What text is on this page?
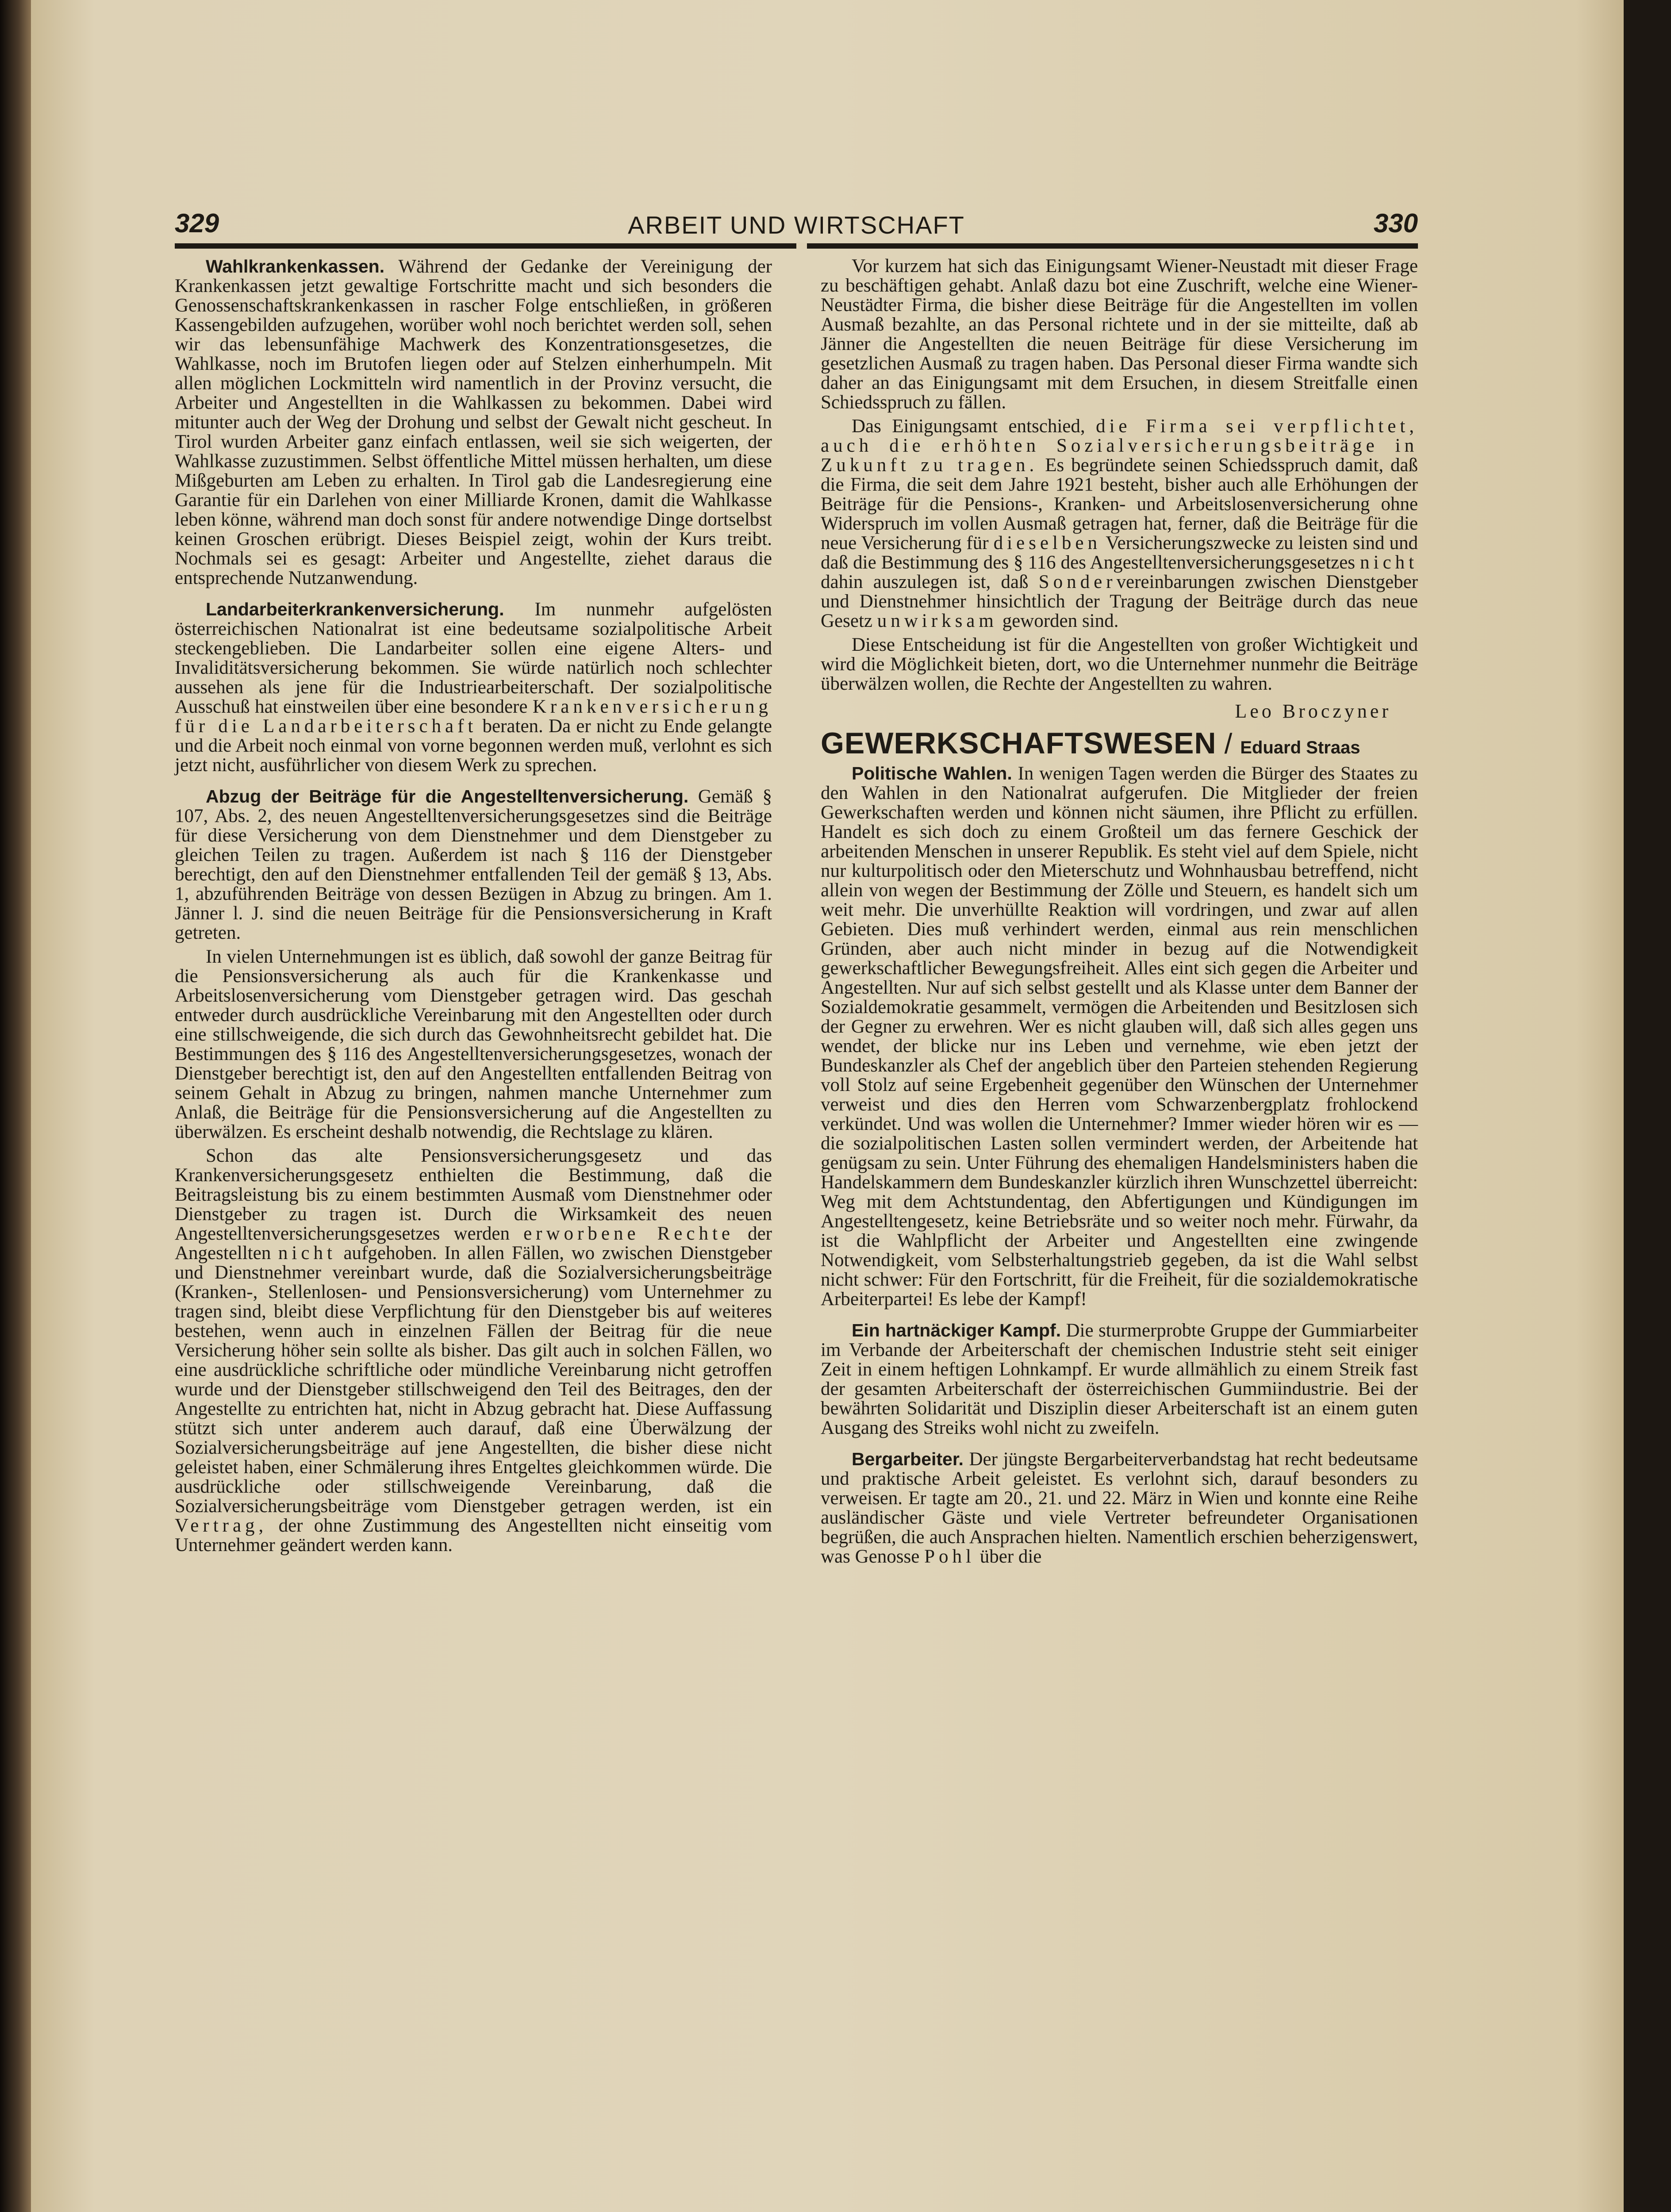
329	ARBEIT UND WIRTSCHAFT	330

Wahlkrankenkassen. Während der Gedanke der Vereinigung der Krankenkassen jetzt gewaltige Fortschritte macht und sich besonders die Genossenschaftskrankenkassen in rascher Folge entschließen, in größeren Kassengebilden aufzugehen, worüber wohl noch berichtet werden soll, sehen wir das lebensunfähige Machwerk des Konzentrationsgesetzes, die Wahlkasse, noch im Brutofen liegen oder auf Stelzen einherhumpeln. Mit allen möglichen Lockmitteln wird namentlich in der Provinz versucht, die Arbeiter und Angestellten in die Wahlkassen zu bekommen. Dabei wird mitunter auch der Weg der Drohung und selbst der Gewalt nicht gescheut. In Tirol wurden Arbeiter ganz einfach entlassen, weil sie sich weigerten, der Wahlkasse zuzustimmen. Selbst öffentliche Mittel müssen herhalten, um diese Mißgeburten am Leben zu erhalten. In Tirol gab die Landesregierung eine Garantie für ein Darlehen von einer Milliarde Kronen, damit die Wahlkasse leben könne, während man doch sonst für andere notwendige Dinge dortselbst keinen Groschen erübrigt. Dieses Beispiel zeigt, wohin der Kurs treibt. Nochmals sei es gesagt: Arbeiter und Angestellte, ziehet daraus die entsprechende Nutzanwendung.

Landarbeiterkrankenversicherung. Im nunmehr aufgelösten österreichischen Nationalrat ist eine bedeutsame sozialpolitische Arbeit steckengeblieben. Die Landarbeiter sollen eine eigene Alters- und Invaliditätsversicherung bekommen. Sie würde natürlich noch schlechter aussehen als jene für die Industriearbeiterschaft. Der sozialpolitische Ausschuß hat einstweilen über eine besondere Krankenversicherung für die Landarbeiterschaft beraten. Da er nicht zu Ende gelangte und die Arbeit noch einmal von vorne begonnen werden muß, verlohnt es sich jetzt nicht, ausführlicher von diesem Werk zu sprechen.

Abzug der Beiträge für die Angestelltenversicherung. Gemäß § 107, Abs. 2, des neuen Angestelltenversicherungsgesetzes sind die Beiträge für diese Versicherung von dem Dienstnehmer und dem Dienstgeber zu gleichen Teilen zu tragen. Außerdem ist nach § 116 der Dienstgeber berechtigt, den auf den Dienstnehmer entfallenden Teil der gemäß § 13, Abs. 1, abzuführenden Beiträge von dessen Bezügen in Abzug zu bringen. Am 1. Jänner l. J. sind die neuen Beiträge für die Pensionsversicherung in Kraft getreten.

In vielen Unternehmungen ist es üblich, daß sowohl der ganze Beitrag für die Pensionsversicherung als auch für die Krankenkasse und Arbeitslosenversicherung vom Dienstgeber getragen wird. Das geschah entweder durch ausdrückliche Vereinbarung mit den Angestellten oder durch eine stillschweigende, die sich durch das Gewohnheitsrecht gebildet hat. Die Bestimmungen des § 116 des Angestelltenversicherungsgesetzes, wonach der Dienstgeber berechtigt ist, den auf den Angestellten entfallenden Beitrag von seinem Gehalt in Abzug zu bringen, nahmen manche Unternehmer zum Anlaß, die Beiträge für die Pensionsversicherung auf die Angestellten zu überwälzen. Es erscheint deshalb notwendig, die Rechtslage zu klären.

Schon das alte Pensionsversicherungsgesetz und das Krankenversicherungsgesetz enthielten die Bestimmung, daß die Beitragsleistung bis zu einem bestimmten Ausmaß vom Dienstnehmer oder Dienstgeber zu tragen ist. Durch die Wirksamkeit des neuen Angestelltenversicherungsgesetzes werden erworbene Rechte der Angestellten nicht aufgehoben. In allen Fällen, wo zwischen Dienstgeber und Dienstnehmer vereinbart wurde, daß die Sozialversicherungsbeiträge (Kranken-, Stellenlosen- und Pensionsversicherung) vom Unternehmer zu tragen sind, bleibt diese Verpflichtung für den Dienstgeber bis auf weiteres bestehen, wenn auch in einzelnen Fällen der Beitrag für die neue Versicherung höher sein sollte als bisher. Das gilt auch in solchen Fällen, wo eine ausdrückliche schriftliche oder mündliche Vereinbarung nicht getroffen wurde und der Dienstgeber stillschweigend den Teil des Beitrages, den der Angestellte zu entrichten hat, nicht in Abzug gebracht hat. Diese Auffassung stützt sich unter anderem auch darauf, daß eine Überwälzung der Sozialversicherungsbeiträge auf jene Angestellten, die bisher diese nicht geleistet haben, einer Schmälerung ihres Entgeltes gleichkommen würde. Die ausdrückliche oder stillschweigende Vereinbarung, daß die Sozialversicherungsbeiträge vom Dienstgeber getragen werden, ist ein Vertrag, der ohne Zustimmung des Angestellten nicht einseitig vom Unternehmer geändert werden kann.

Vor kurzem hat sich das Einigungsamt Wiener-Neustadt mit dieser Frage zu beschäftigen gehabt. Anlaß dazu bot eine Zuschrift, welche eine Wiener-Neustädter Firma, die bisher diese Beiträge für die Angestellten im vollen Ausmaß bezahlte, an das Personal richtete und in der sie mitteilte, daß ab Jänner die Angestellten die neuen Beiträge für diese Versicherung im gesetzlichen Ausmaß zu tragen haben. Das Personal dieser Firma wandte sich daher an das Einigungsamt mit dem Ersuchen, in diesem Streitfalle einen Schiedsspruch zu fällen.

Das Einigungsamt entschied, die Firma sei verpflichtet, auch die erhöhten Sozialversicherungsbeiträge in Zukunft zu tragen. Es begründete seinen Schiedsspruch damit, daß die Firma, die seit dem Jahre 1921 besteht, bisher auch alle Erhöhungen der Beiträge für die Pensions-, Kranken- und Arbeitslosenversicherung ohne Widerspruch im vollen Ausmaß getragen hat, ferner, daß die Beiträge für die neue Versicherung für dieselben Versicherungszwecke zu leisten sind und daß die Bestimmung des § 116 des Angestelltenversicherungsgesetzes nicht dahin auszulegen ist, daß Sondervereinbarungen zwischen Dienstgeber und Dienstnehmer hinsichtlich der Tragung der Beiträge durch das neue Gesetz unwirksam geworden sind.

Diese Entscheidung ist für die Angestellten von großer Wichtigkeit und wird die Möglichkeit bieten, dort, wo die Unternehmer nunmehr die Beiträge überwälzen wollen, die Rechte der Angestellten zu wahren.

Leo Broczyner
GEWERKSCHAFTSWESEN / Eduard Straas

Politische Wahlen. In wenigen Tagen werden die Bürger des Staates zu den Wahlen in den Nationalrat aufgerufen. Die Mitglieder der freien Gewerkschaften werden und können nicht säumen, ihre Pflicht zu erfüllen. Handelt es sich doch zu einem Großteil um das fernere Geschick der arbeitenden Menschen in unserer Republik. Es steht viel auf dem Spiele, nicht nur kulturpolitisch oder den Mieterschutz und Wohnhausbau betreffend, nicht allein von wegen der Bestimmung der Zölle und Steuern, es handelt sich um weit mehr. Die unverhüllte Reaktion will vordringen, und zwar auf allen Gebieten. Dies muß verhindert werden, einmal aus rein menschlichen Gründen, aber auch nicht minder in bezug auf die Notwendigkeit gewerkschaftlicher Bewegungsfreiheit. Alles eint sich gegen die Arbeiter und Angestellten. Nur auf sich selbst gestellt und als Klasse unter dem Banner der Sozialdemokratie gesammelt, vermögen die Arbeitenden und Besitzlosen sich der Gegner zu erwehren. Wer es nicht glauben will, daß sich alles gegen uns wendet, der blicke nur ins Leben und vernehme, wie eben jetzt der Bundeskanzler als Chef der angeblich über den Parteien stehenden Regierung voll Stolz auf seine Ergebenheit gegenüber den Wünschen der Unternehmer verweist und dies den Herren vom Schwarzenbergplatz frohlockend verkündet. Und was wollen die Unternehmer? Immer wieder hören wir es — die sozialpolitischen Lasten sollen vermindert werden, der Arbeitende hat genügsam zu sein. Unter Führung des ehemaligen Handelsministers haben die Handelskammern dem Bundeskanzler kürzlich ihren Wunschzettel überreicht: Weg mit dem Achtstundentag, den Abfertigungen und Kündigungen im Angestelltengesetz, keine Betriebsräte und so weiter noch mehr. Fürwahr, da ist die Wahlpflicht der Arbeiter und Angestellten eine zwingende Notwendigkeit, vom Selbsterhaltungstrieb gegeben, da ist die Wahl selbst nicht schwer: Für den Fortschritt, für die Freiheit, für die sozialdemokratische Arbeiterpartei! Es lebe der Kampf!

Ein hartnäckiger Kampf. Die sturmerprobte Gruppe der Gummiarbeiter im Verbande der Arbeiterschaft der chemischen Industrie steht seit einiger Zeit in einem heftigen Lohnkampf. Er wurde allmählich zu einem Streik fast der gesamten Arbeiterschaft der österreichischen Gummiindustrie. Bei der bewährten Solidarität und Disziplin dieser Arbeiterschaft ist an einem guten Ausgang des Streiks wohl nicht zu zweifeln.

Bergarbeiter. Der jüngste Bergarbeiterverbandstag hat recht bedeutsame und praktische Arbeit geleistet. Es verlohnt sich, darauf besonders zu verweisen. Er tagte am 20., 21. und 22. März in Wien und konnte eine Reihe ausländischer Gäste und viele Vertreter befreundeter Organisationen begrüßen, die auch Ansprachen hielten. Namentlich erschien beherzigenswert, was Genosse Pohl über die
